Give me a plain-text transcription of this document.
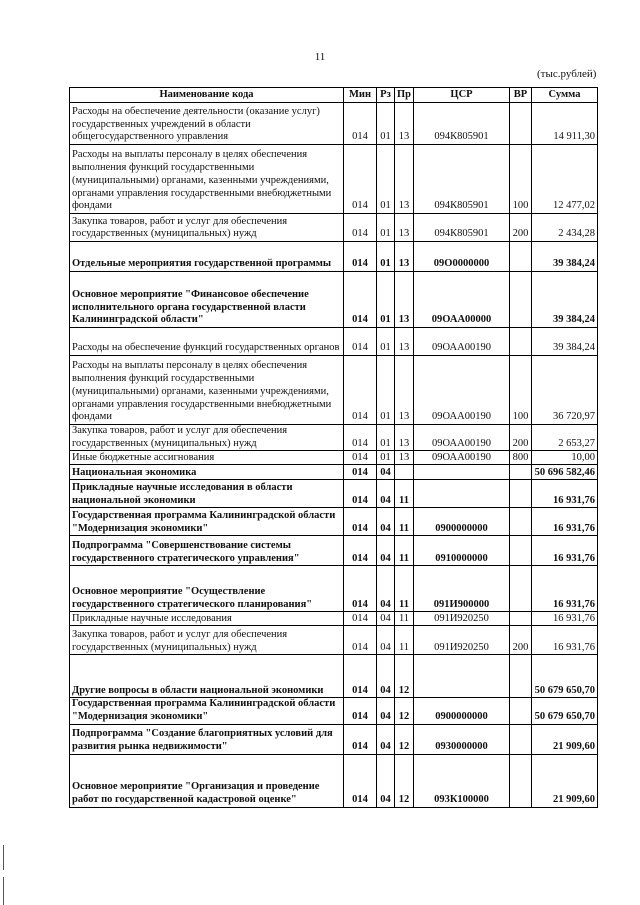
11
(тыс.рублей)
Наименование кода	Мин	Рз	Пр	ЦСР	ВР	Сумма
Расходы на обеспечение деятельности (оказание услуг) государственных учреждений в области общегосударственного управления	014	01	13	094К805901		14 911,30
Расходы на выплаты персоналу в целях обеспечения выполнения функций государственными (муниципальными) органами, казенными учреждениями, органами управления государственными внебюджетными фондами	014	01	13	094К805901	100	12 477,02
Закупка товаров, работ и услуг для обеспечения государственных (муниципальных) нужд	014	01	13	094К805901	200	2 434,28
Отдельные мероприятия государственной программы	014	01	13	09О0000000		39 384,24
Основное мероприятие "Финансовое обеспечение исполнительного органа государственной власти Калининградской области"	014	01	13	09ОАА00000		39 384,24
Расходы на обеспечение функций государственных органов	014	01	13	09ОАА00190		39 384,24
Расходы на выплаты персоналу в целях обеспечения выполнения функций государственными (муниципальными) органами, казенными учреждениями, органами управления государственными внебюджетными фондами	014	01	13	09ОАА00190	100	36 720,97
Закупка товаров, работ и услуг для обеспечения государственных (муниципальных) нужд	014	01	13	09ОАА00190	200	2 653,27
Иные бюджетные ассигнования	014	01	13	09ОАА00190	800	10,00
Национальная экономика	014	04				50 696 582,46
Прикладные научные исследования в области национальной экономики	014	04	11			16 931,76
Государственная программа Калининградской области "Модернизация экономики"	014	04	11	0900000000		16 931,76
Подпрограмма "Совершенствование системы государственного стратегического управления"	014	04	11	0910000000		16 931,76
Основное мероприятие "Осуществление государственного стратегического планирования"	014	04	11	091И900000		16 931,76
Прикладные научные исследования	014	04	11	091И920250		16 931,76
Закупка товаров, работ и услуг для обеспечения государственных (муниципальных) нужд	014	04	11	091И920250	200	16 931,76
Другие вопросы в области национальной экономики	014	04	12			50 679 650,70
Государственная программа Калининградской области "Модернизация экономики"	014	04	12	0900000000		50 679 650,70
Подпрограмма "Создание благоприятных условий для развития рынка недвижимости"	014	04	12	0930000000		21 909,60
Основное мероприятие "Организация и проведение работ по государственной кадастровой оценке"	014	04	12	093К100000		21 909,60
